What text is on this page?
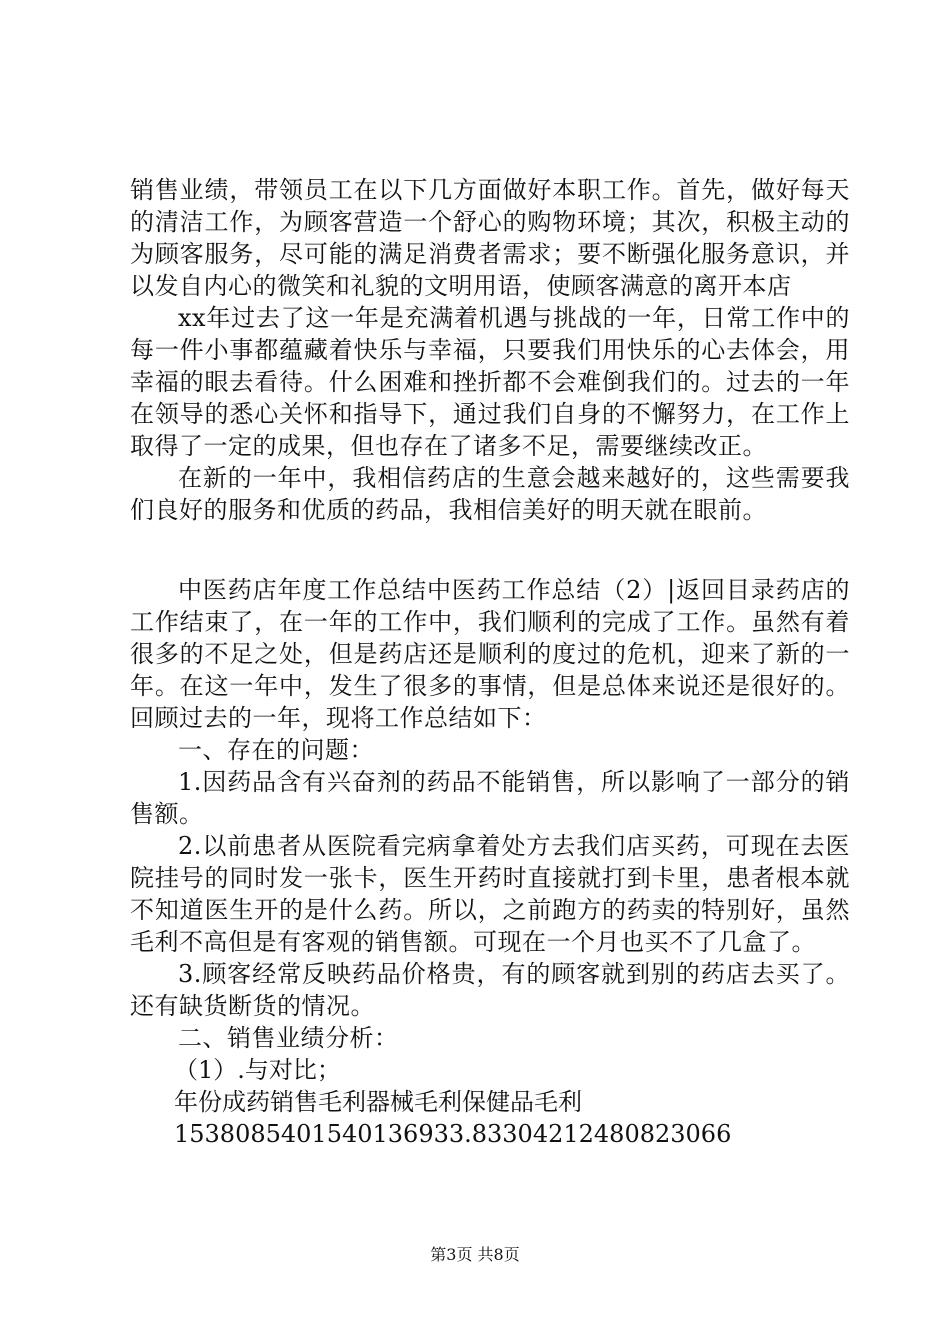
销售业绩，带领员工在以下几方面做好本职工作。首先，做好每天的清洁工作，为顾客营造一个舒心的购物环境；其次，积极主动的为顾客服务，尽可能的满足消费者需求；要不断强化服务意识，并以发自内心的微笑和礼貌的文明用语，使顾客满意的离开本店

xx年过去了这一年是充满着机遇与挑战的一年，日常工作中的每一件小事都蕴藏着快乐与幸福，只要我们用快乐的心去体会，用幸福的眼去看待。什么困难和挫折都不会难倒我们的。过去的一年在领导的悉心关怀和指导下，通过我们自身的不懈努力，在工作上取得了一定的成果，但也存在了诸多不足，需要继续改正。

在新的一年中，我相信药店的生意会越来越好的，这些需要我们良好的服务和优质的药品，我相信美好的明天就在眼前。

中医药店年度工作总结中医药工作总结（2）|返回目录药店的工作结束了，在一年的工作中，我们顺利的完成了工作。虽然有着很多的不足之处，但是药店还是顺利的度过的危机，迎来了新的一年。在这一年中，发生了很多的事情，但是总体来说还是很好的。回顾过去的一年，现将工作总结如下：

一、存在的问题：

1.因药品含有兴奋剂的药品不能销售，所以影响了一部分的销售额。

2.以前患者从医院看完病拿着处方去我们店买药，可现在去医院挂号的同时发一张卡，医生开药时直接就打到卡里，患者根本就不知道医生开的是什么药。所以，之前跑方的药卖的特别好，虽然毛利不高但是有客观的销售额。可现在一个月也买不了几盒了。

3.顾客经常反映药品价格贵，有的顾客就到别的药店去买了。还有缺货断货的情况。

二、销售业绩分析：

（1）.与对比；

年份成药销售毛利器械毛利保健品毛利

1538085401540136933.83304212480823066

第3页 共8页
